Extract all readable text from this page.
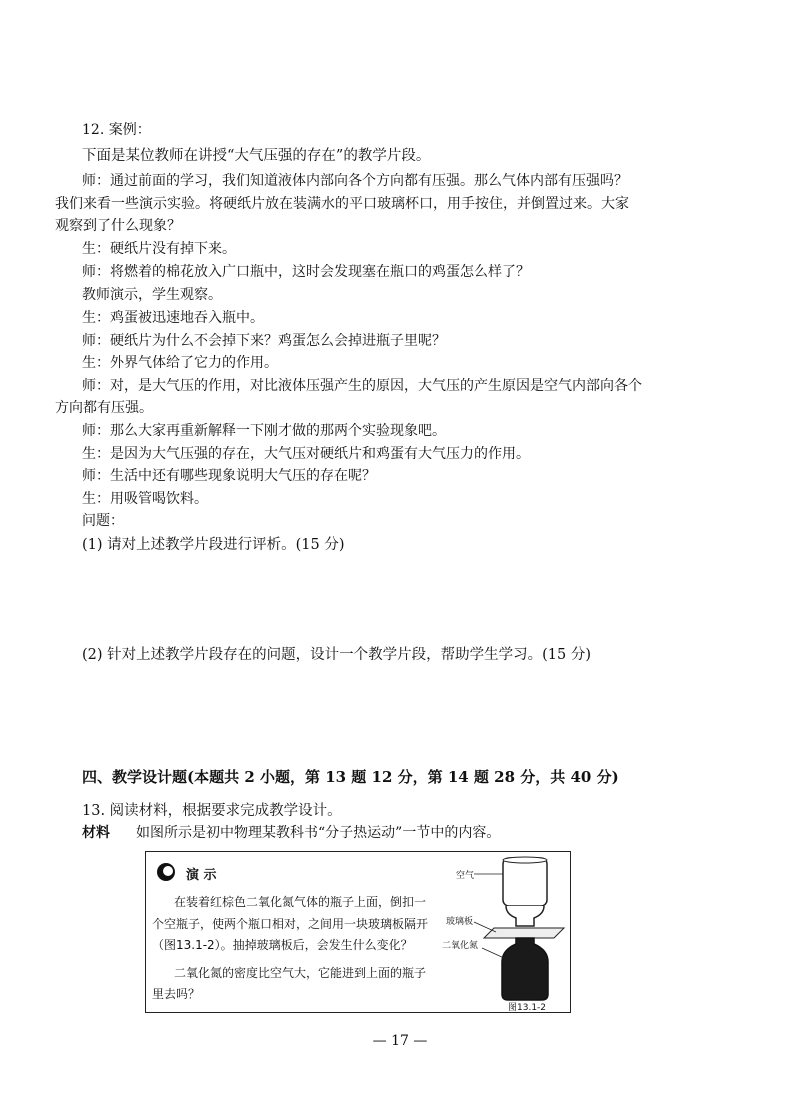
12. 案例：
下面是某位教师在讲授“大气压强的存在”的教学片段。
师：通过前面的学习，我们知道液体内部向各个方向都有压强。那么气体内部有压强吗？
我们来看一些演示实验。将硬纸片放在装满水的平口玻璃杯口，用手按住，并倒置过来。大家
观察到了什么现象？
生：硬纸片没有掉下来。
师：将燃着的棉花放入广口瓶中，这时会发现塞在瓶口的鸡蛋怎么样了？
教师演示，学生观察。
生：鸡蛋被迅速地吞入瓶中。
师：硬纸片为什么不会掉下来？鸡蛋怎么会掉进瓶子里呢？
生：外界气体给了它力的作用。
师：对，是大气压的作用，对比液体压强产生的原因，大气压的产生原因是空气内部向各个
方向都有压强。
师：那么大家再重新解释一下刚才做的那两个实验现象吧。
生：是因为大气压强的存在，大气压对硬纸片和鸡蛋有大气压力的作用。
师：生活中还有哪些现象说明大气压的存在呢？
生：用吸管喝饮料。
问题：
(1) 请对上述教学片段进行评析。(15 分)
(2) 针对上述教学片段存在的问题，设计一个教学片段，帮助学生学习。(15 分)
四、教学设计题(本题共 2 小题，第 13 题 12 分，第 14 题 28 分，共 40 分)
13. 阅读材料，根据要求完成教学设计。
材料 如图所示是初中物理某教科书“分子热运动”一节中的内容。
演 示
在装着红棕色二氧化氮气体的瓶子上面，倒扣一
个空瓶子，使两个瓶口相对，之间用一块玻璃板隔开
（图13.1-2）。抽掉玻璃板后，会发生什么变化？
二氧化氮的密度比空气大，它能进到上面的瓶子
里去吗？
空气
玻璃板
二氧化氮
图13.1-2
— 17 —
